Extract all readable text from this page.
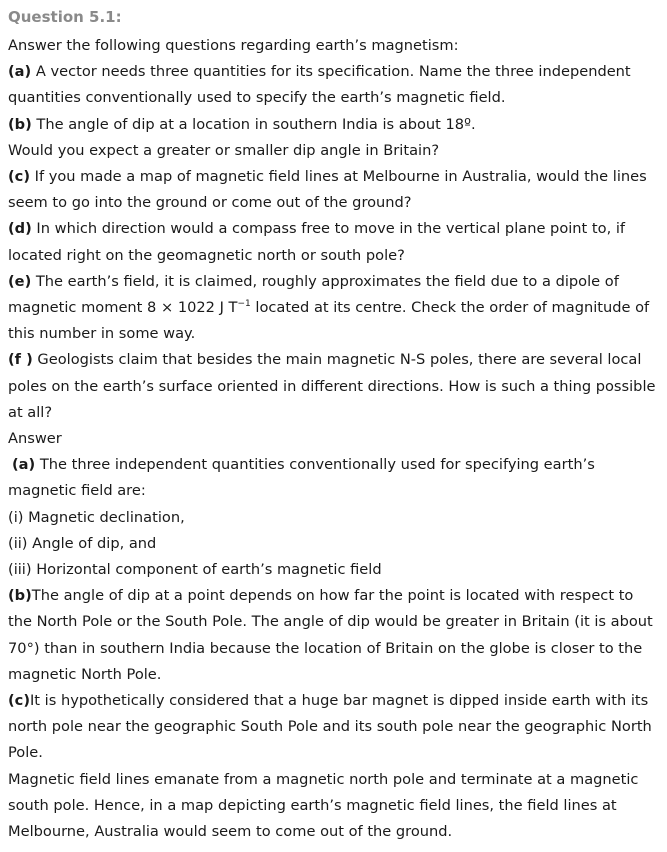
Question 5.1:

Answer the following questions regarding earth’s magnetism:

(a) A vector needs three quantities for its specification. Name the three independent

quantities conventionally used to specify the earth’s magnetic field.

(b) The angle of dip at a location in southern India is about 18º.

Would you expect a greater or smaller dip angle in Britain?

(c) If you made a map of magnetic field lines at Melbourne in Australia, would the lines

seem to go into the ground or come out of the ground?

(d) In which direction would a compass free to move in the vertical plane point to, if

located right on the geomagnetic north or south pole?

(e) The earth’s field, it is claimed, roughly approximates the field due to a dipole of

magnetic moment 8 × 1022 J $T^{-1}$ located at its centre. Check the order of magnitude of

this number in some way.

(f ) Geologists claim that besides the main magnetic N-S poles, there are several local

poles on the earth’s surface oriented in different directions. How is such a thing possible

at all?

Answer

(a) The three independent quantities conventionally used for specifying earth’s

magnetic field are:

(i) Magnetic declination,

(ii) Angle of dip, and

(iii) Horizontal component of earth’s magnetic field

(b)The angle of dip at a point depends on how far the point is located with respect to

the North Pole or the South Pole. The angle of dip would be greater in Britain (it is about

70°) than in southern India because the location of Britain on the globe is closer to the

magnetic North Pole.

(c)It is hypothetically considered that a huge bar magnet is dipped inside earth with its

north pole near the geographic South Pole and its south pole near the geographic North

Pole.

Magnetic field lines emanate from a magnetic north pole and terminate at a magnetic

south pole. Hence, in a map depicting earth’s magnetic field lines, the field lines at

Melbourne, Australia would seem to come out of the ground.
